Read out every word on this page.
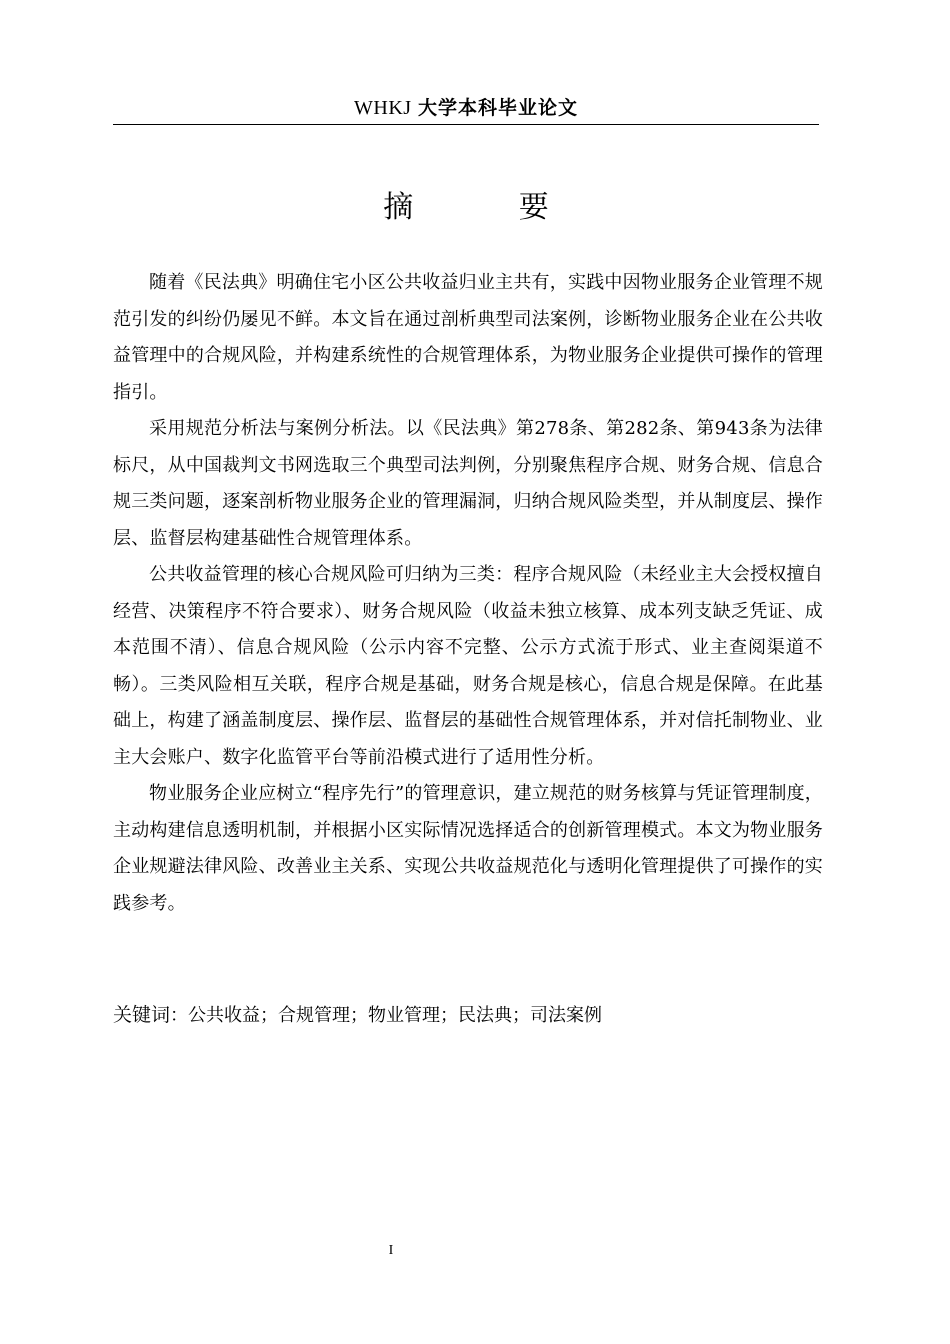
WHKJ 大学本科毕业论文
摘 要

随着《民法典》明确住宅小区公共收益归业主共有，实践中因物业服务企业管理不规范引发的纠纷仍屡见不鲜。本文旨在通过剖析典型司法案例，诊断物业服务企业在公共收益管理中的合规风险，并构建系统性的合规管理体系，为物业服务企业提供可操作的管理指引。

采用规范分析法与案例分析法。以《民法典》第278条、第282条、第943条为法律标尺，从中国裁判文书网选取三个典型司法判例，分别聚焦程序合规、财务合规、信息合规三类问题，逐案剖析物业服务企业的管理漏洞，归纳合规风险类型，并从制度层、操作层、监督层构建基础性合规管理体系。

公共收益管理的核心合规风险可归纳为三类：程序合规风险（未经业主大会授权擅自经营、决策程序不符合要求）、财务合规风险（收益未独立核算、成本列支缺乏凭证、成本范围不清）、信息合规风险（公示内容不完整、公示方式流于形式、业主查阅渠道不畅）。三类风险相互关联，程序合规是基础，财务合规是核心，信息合规是保障。在此基础上，构建了涵盖制度层、操作层、监督层的基础性合规管理体系，并对信托制物业、业主大会账户、数字化监管平台等前沿模式进行了适用性分析。

物业服务企业应树立“程序先行”的管理意识，建立规范的财务核算与凭证管理制度，主动构建信息透明机制，并根据小区实际情况选择适合的创新管理模式。本文为物业服务企业规避法律风险、改善业主关系、实现公共收益规范化与透明化管理提供了可操作的实践参考。

关键词：公共收益；合规管理；物业管理；民法典；司法案例
I
